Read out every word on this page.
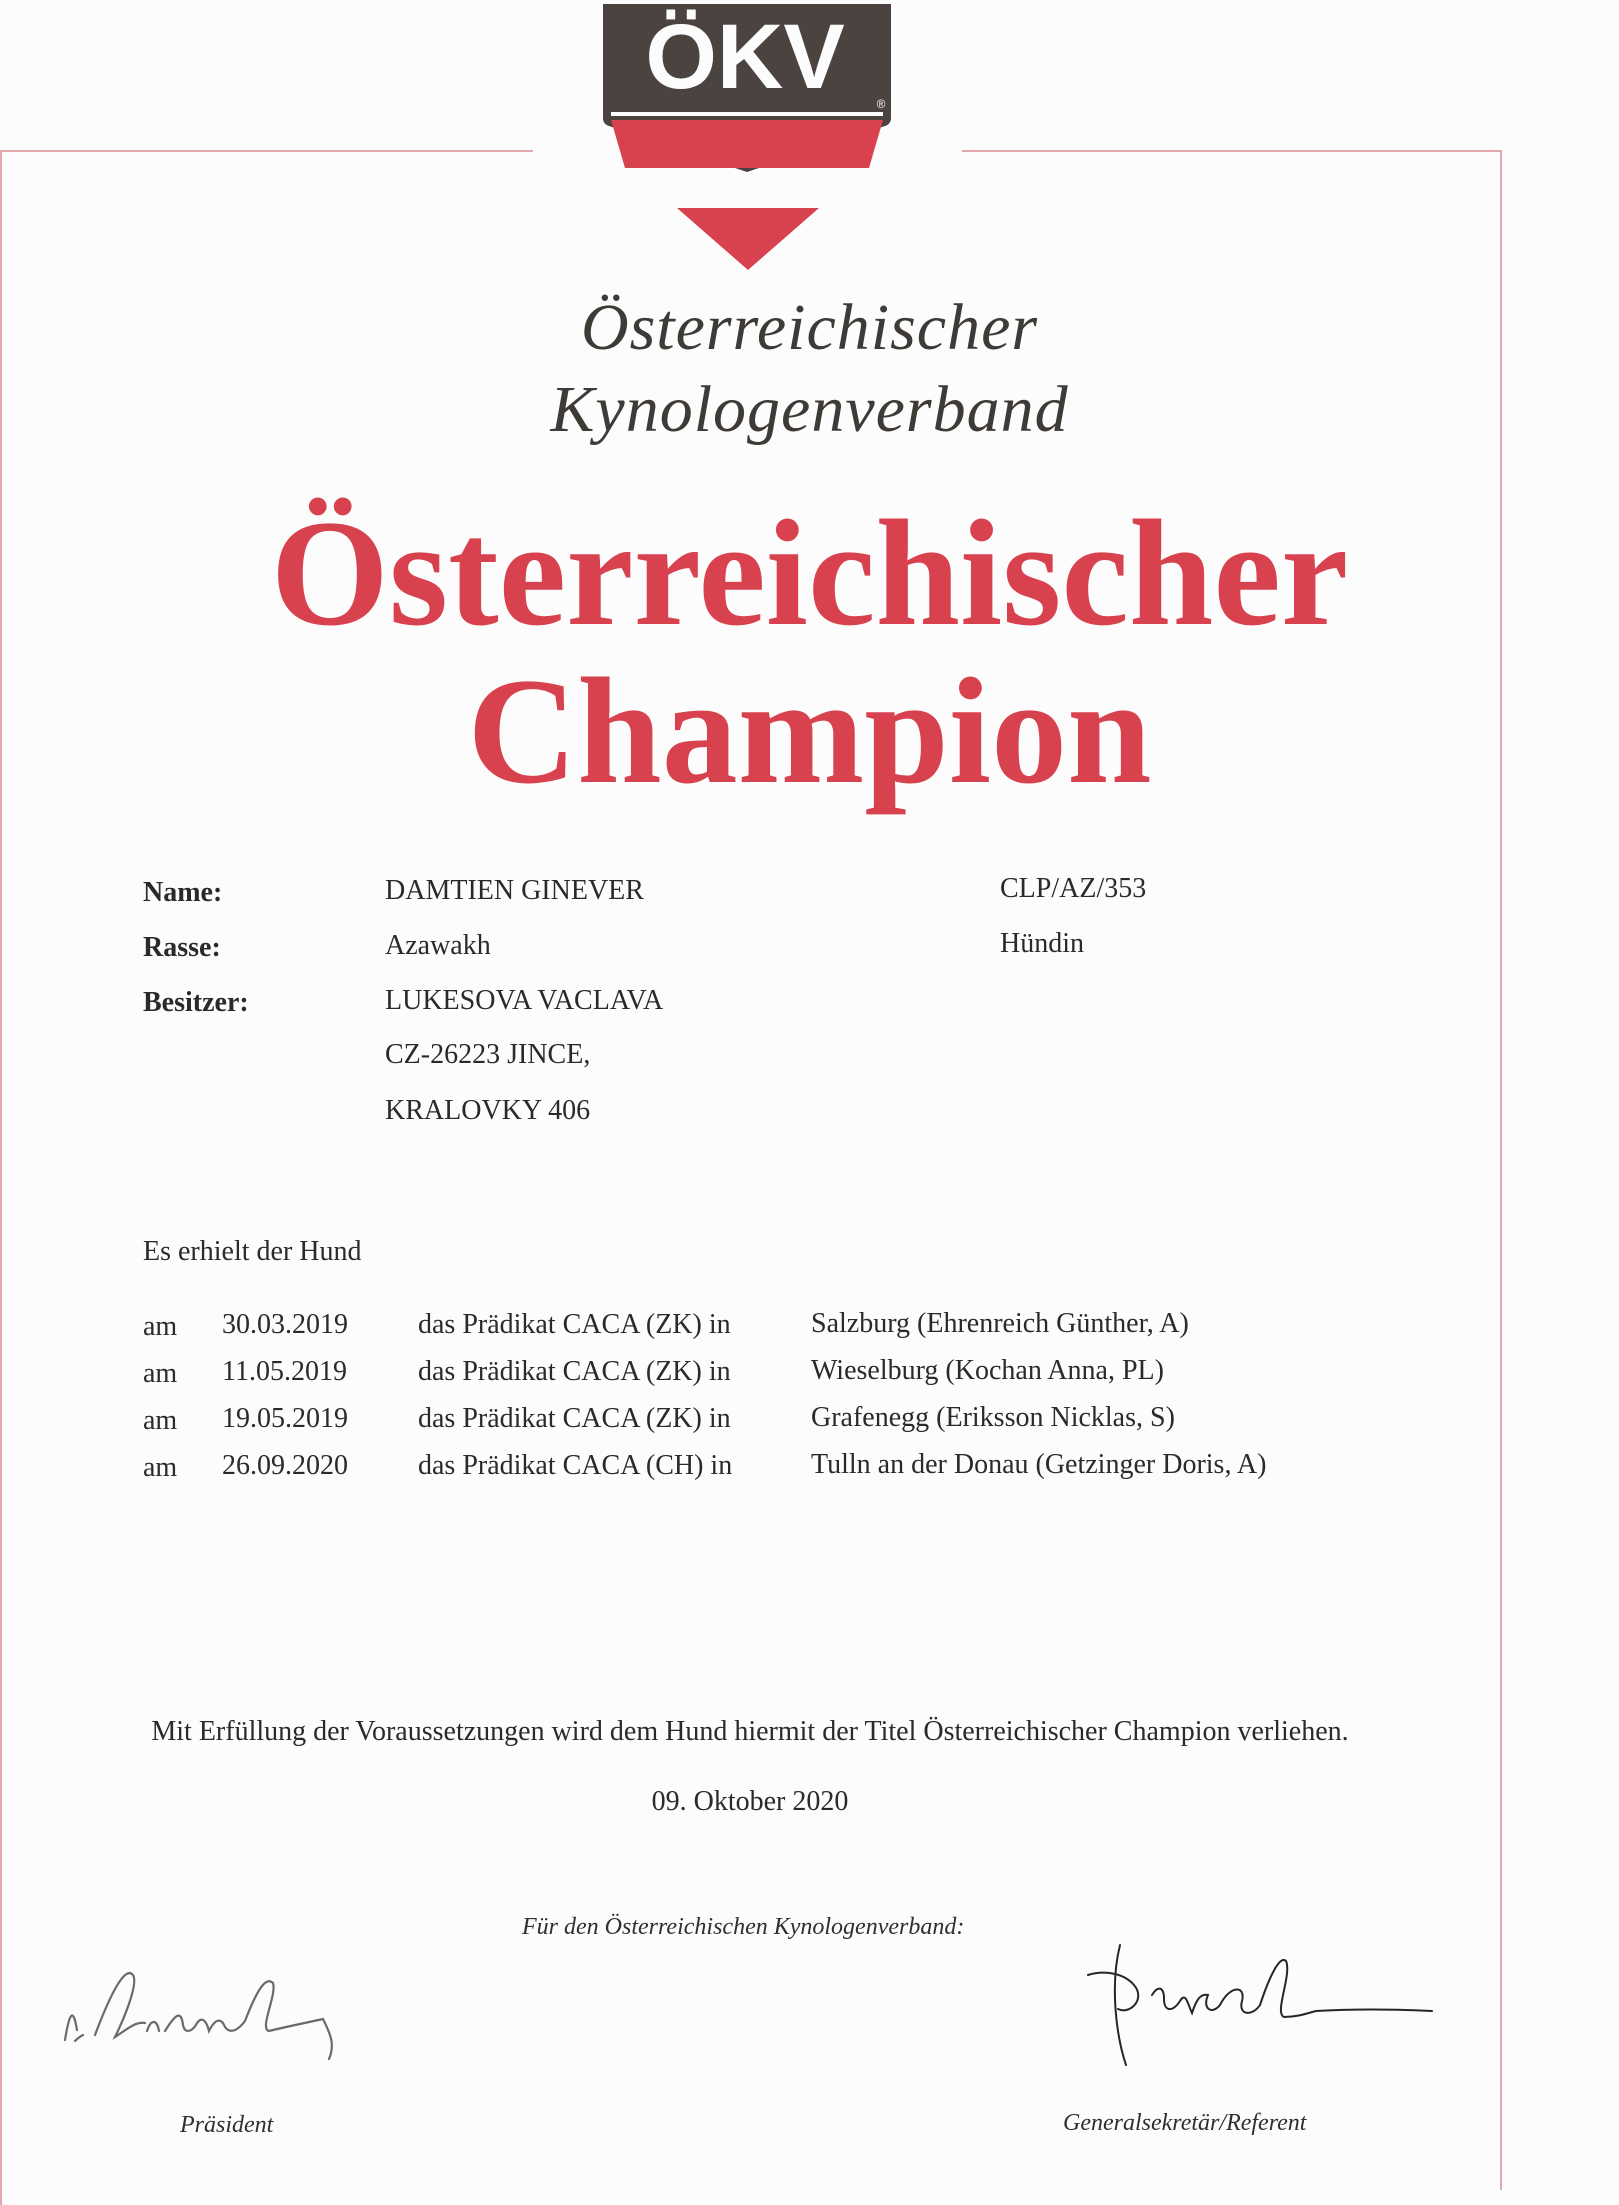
ÖKV	®
Österreichischer
Kynologenverband
Österreichischer
Champion
Name:	DAMTIEN GINEVER	CLP/AZ/353
Rasse:	Azawakh	Hündin
Besitzer:	LUKESOVA VACLAVA
CZ-26223 JINCE,
KRALOVKY 406
Es erhielt der Hund
am 30.03.2019	das Prädikat CACA (ZK) in	Salzburg (Ehrenreich Günther, A)
am 11.05.2019	das Prädikat CACA (ZK) in	Wieselburg (Kochan Anna, PL)
am 19.05.2019	das Prädikat CACA (ZK) in	Grafenegg (Eriksson Nicklas, S)
am 26.09.2020	das Prädikat CACA (CH) in	Tulln an der Donau (Getzinger Doris, A)
Mit Erfüllung der Voraussetzungen wird dem Hund hiermit der Titel Österreichischer Champion verliehen.
09. Oktober 2020
Für den Österreichischen Kynologenverband:
Präsident	Generalsekretär/Referent
